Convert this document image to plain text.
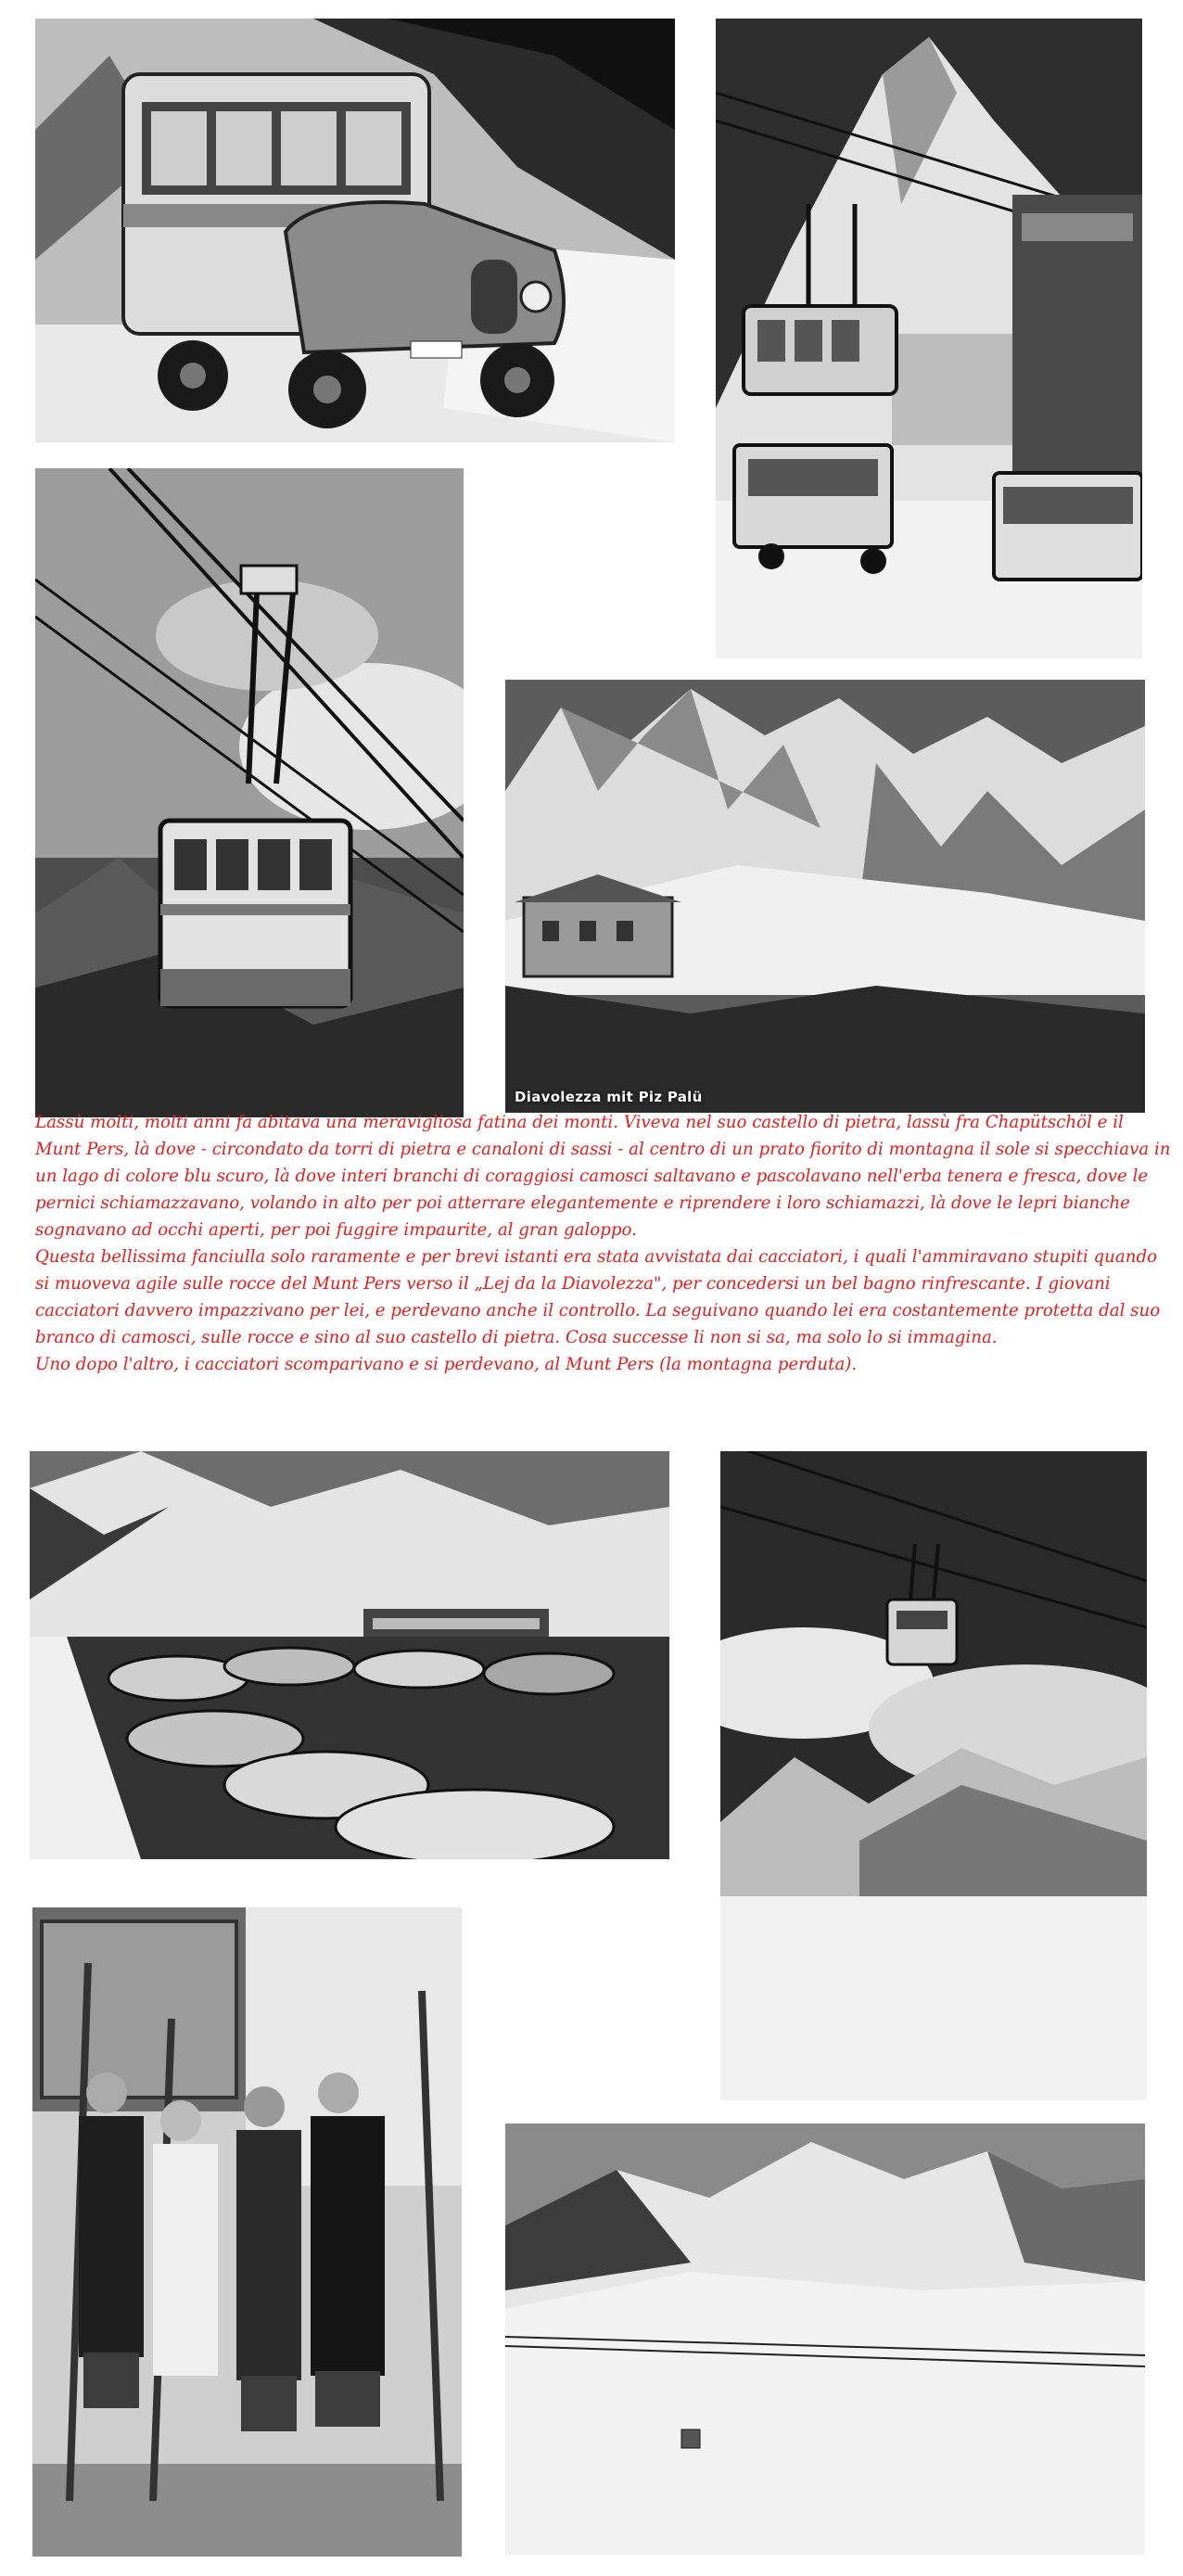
Diavolezza mit Piz Palü

Lassù molti, molti anni fa abitava una meravigliosa fatina dei monti. Viveva nel suo castello di pietra, lassù fra Chapütschöl e il Munt Pers, là dove - circondato da torri di pietra e canaloni di sassi - al centro di un prato fiorito di montagna il sole si specchiava in un lago di colore blu scuro, là dove interi branchi di coraggiosi camosci saltavano e pascolavano nell'erba tenera e fresca, dove le pernici schiamazzavano, volando in alto per poi atterrare elegantemente e riprendere i loro schiamazzi, là dove le lepri bianche sognavano ad occhi aperti, per poi fuggire impaurite, al gran galoppo.

Questa bellissima fanciulla solo raramente e per brevi istanti era stata avvistata dai cacciatori, i quali l'ammiravano stupiti quando si muoveva agile sulle rocce del Munt Pers verso il „Lej da la Diavolezza", per concedersi un bel bagno rinfrescante. I giovani cacciatori davvero impazzivano per lei, e perdevano anche il controllo. La seguivano quando lei era costantemente protetta dal suo branco di camosci, sulle rocce e sino al suo castello di pietra. Cosa successe li non si sa, ma solo lo si immagina.

Uno dopo l'altro, i cacciatori scomparivano e si perdevano, al Munt Pers (la montagna perduta).
